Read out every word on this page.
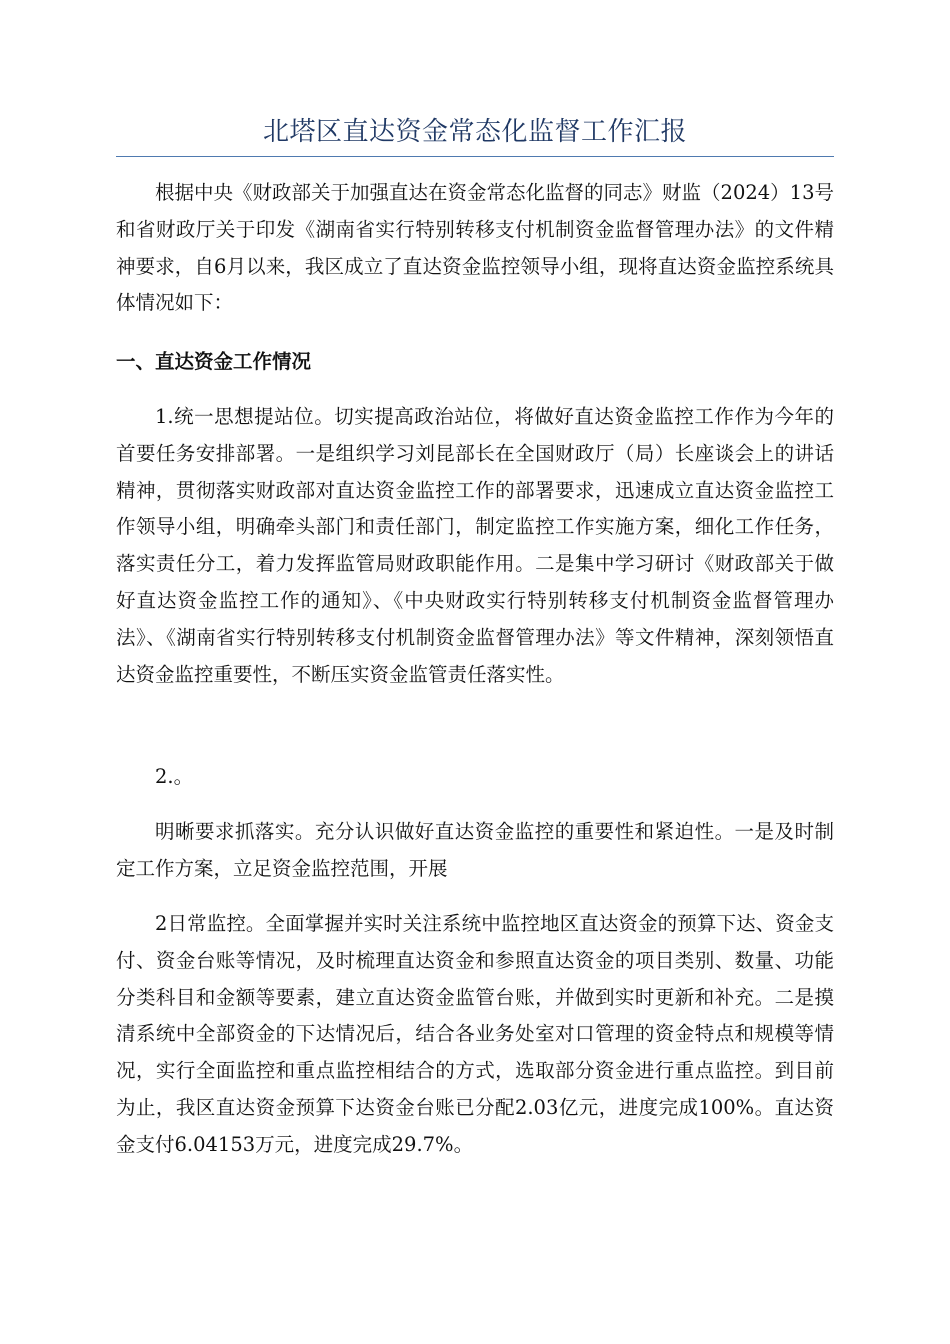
北塔区直达资金常态化监督工作汇报

根据中央《财政部关于加强直达在资金常态化监督的同志》财监（2024）13号和省财政厅关于印发《湖南省实行特别转移支付机制资金监督管理办法》的文件精神要求，自6月以来，我区成立了直达资金监控领导小组，现将直达资金监控系统具体情况如下：

一、直达资金工作情况

1.统一思想提站位。切实提高政治站位，将做好直达资金监控工作作为今年的首要任务安排部署。一是组织学习刘昆部长在全国财政厅（局）长座谈会上的讲话精神，贯彻落实财政部对直达资金监控工作的部署要求，迅速成立直达资金监控工作领导小组，明确牵头部门和责任部门，制定监控工作实施方案，细化工作任务，落实责任分工，着力发挥监管局财政职能作用。二是集中学习研讨《财政部关于做好直达资金监控工作的通知》、《中央财政实行特别转移支付机制资金监督管理办法》、《湖南省实行特别转移支付机制资金监督管理办法》等文件精神，深刻领悟直达资金监控重要性，不断压实资金监管责任落实性。

2.。

明晰要求抓落实。充分认识做好直达资金监控的重要性和紧迫性。一是及时制定工作方案，立足资金监控范围，开展

2日常监控。全面掌握并实时关注系统中监控地区直达资金的预算下达、资金支付、资金台账等情况，及时梳理直达资金和参照直达资金的项目类别、数量、功能分类科目和金额等要素，建立直达资金监管台账，并做到实时更新和补充。二是摸清系统中全部资金的下达情况后，结合各业务处室对口管理的资金特点和规模等情况，实行全面监控和重点监控相结合的方式，选取部分资金进行重点监控。到目前为止，我区直达资金预算下达资金台账已分配2.03亿元，进度完成100%。直达资金支付6.04153万元，进度完成29.7%。
